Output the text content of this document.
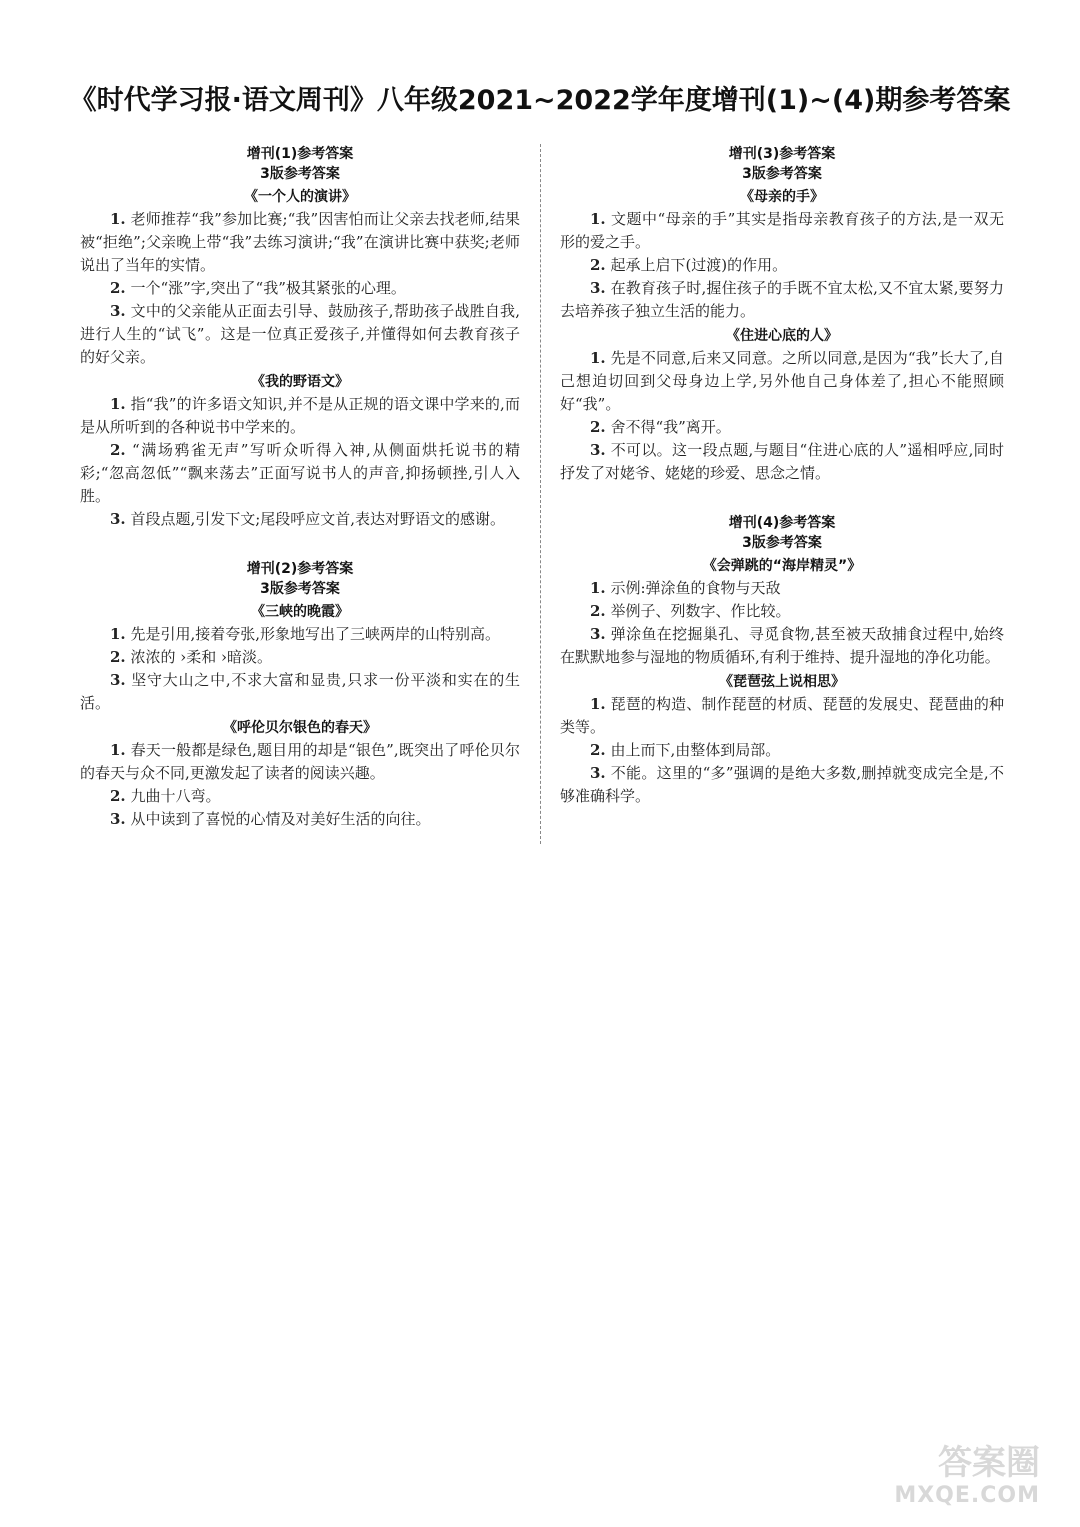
《时代学习报·语文周刊》八年级2021~2022学年度增刊(1)~(4)期参考答案
增刊(1)参考答案
3版参考答案
《一个人的演讲》

1. 老师推荐“我”参加比赛;“我”因害怕而让父亲去找老师,结果被“拒绝”;父亲晚上带“我”去练习演讲;“我”在演讲比赛中获奖;老师说出了当年的实情。

2. 一个“涨”字,突出了“我”极其紧张的心理。

3. 文中的父亲能从正面去引导、鼓励孩子,帮助孩子战胜自我,进行人生的“试飞”。这是一位真正爱孩子,并懂得如何去教育孩子的好父亲。

《我的野语文》

1. 指“我”的许多语文知识,并不是从正规的语文课中学来的,而是从所听到的各种说书中学来的。

2. “满场鸦雀无声”写听众听得入神,从侧面烘托说书的精彩;“忽高忽低”“飘来荡去”正面写说书人的声音,抑扬顿挫,引人入胜。

3. 首段点题,引发下文;尾段呼应文首,表达对野语文的感谢。

增刊(2)参考答案
3版参考答案
《三峡的晚霞》

1. 先是引用,接着夸张,形象地写出了三峡两岸的山特别高。

2. 浓浓的 ›柔和 ›暗淡。

3. 坚守大山之中,不求大富和显贵,只求一份平淡和实在的生活。

《呼伦贝尔银色的春天》

1. 春天一般都是绿色,题目用的却是“银色”,既突出了呼伦贝尔的春天与众不同,更激发起了读者的阅读兴趣。

2. 九曲十八弯。

3. 从中读到了喜悦的心情及对美好生活的向往。

增刊(3)参考答案
3版参考答案
《母亲的手》

1. 文题中“母亲的手”其实是指母亲教育孩子的方法,是一双无形的爱之手。

2. 起承上启下(过渡)的作用。

3. 在教育孩子时,握住孩子的手既不宜太松,又不宜太紧,要努力去培养孩子独立生活的能力。

《住进心底的人》

1. 先是不同意,后来又同意。之所以同意,是因为“我”长大了,自己想迫切回到父母身边上学,另外他自己身体差了,担心不能照顾好“我”。

2. 舍不得“我”离开。

3. 不可以。这一段点题,与题目“住进心底的人”遥相呼应,同时抒发了对姥爷、姥姥的珍爱、思念之情。

增刊(4)参考答案
3版参考答案
《会弹跳的“海岸精灵”》

1. 示例:弹涂鱼的食物与天敌

2. 举例子、列数字、作比较。

3. 弹涂鱼在挖掘巢孔、寻觅食物,甚至被天敌捕食过程中,始终在默默地参与湿地的物质循环,有利于维持、提升湿地的净化功能。

《琵琶弦上说相思》

1. 琵琶的构造、制作琵琶的材质、琵琶的发展史、琵琶曲的种类等。

2. 由上而下,由整体到局部。

3. 不能。这里的“多”强调的是绝大多数,删掉就变成完全是,不够准确科学。

答案圈
MXQE.COM
